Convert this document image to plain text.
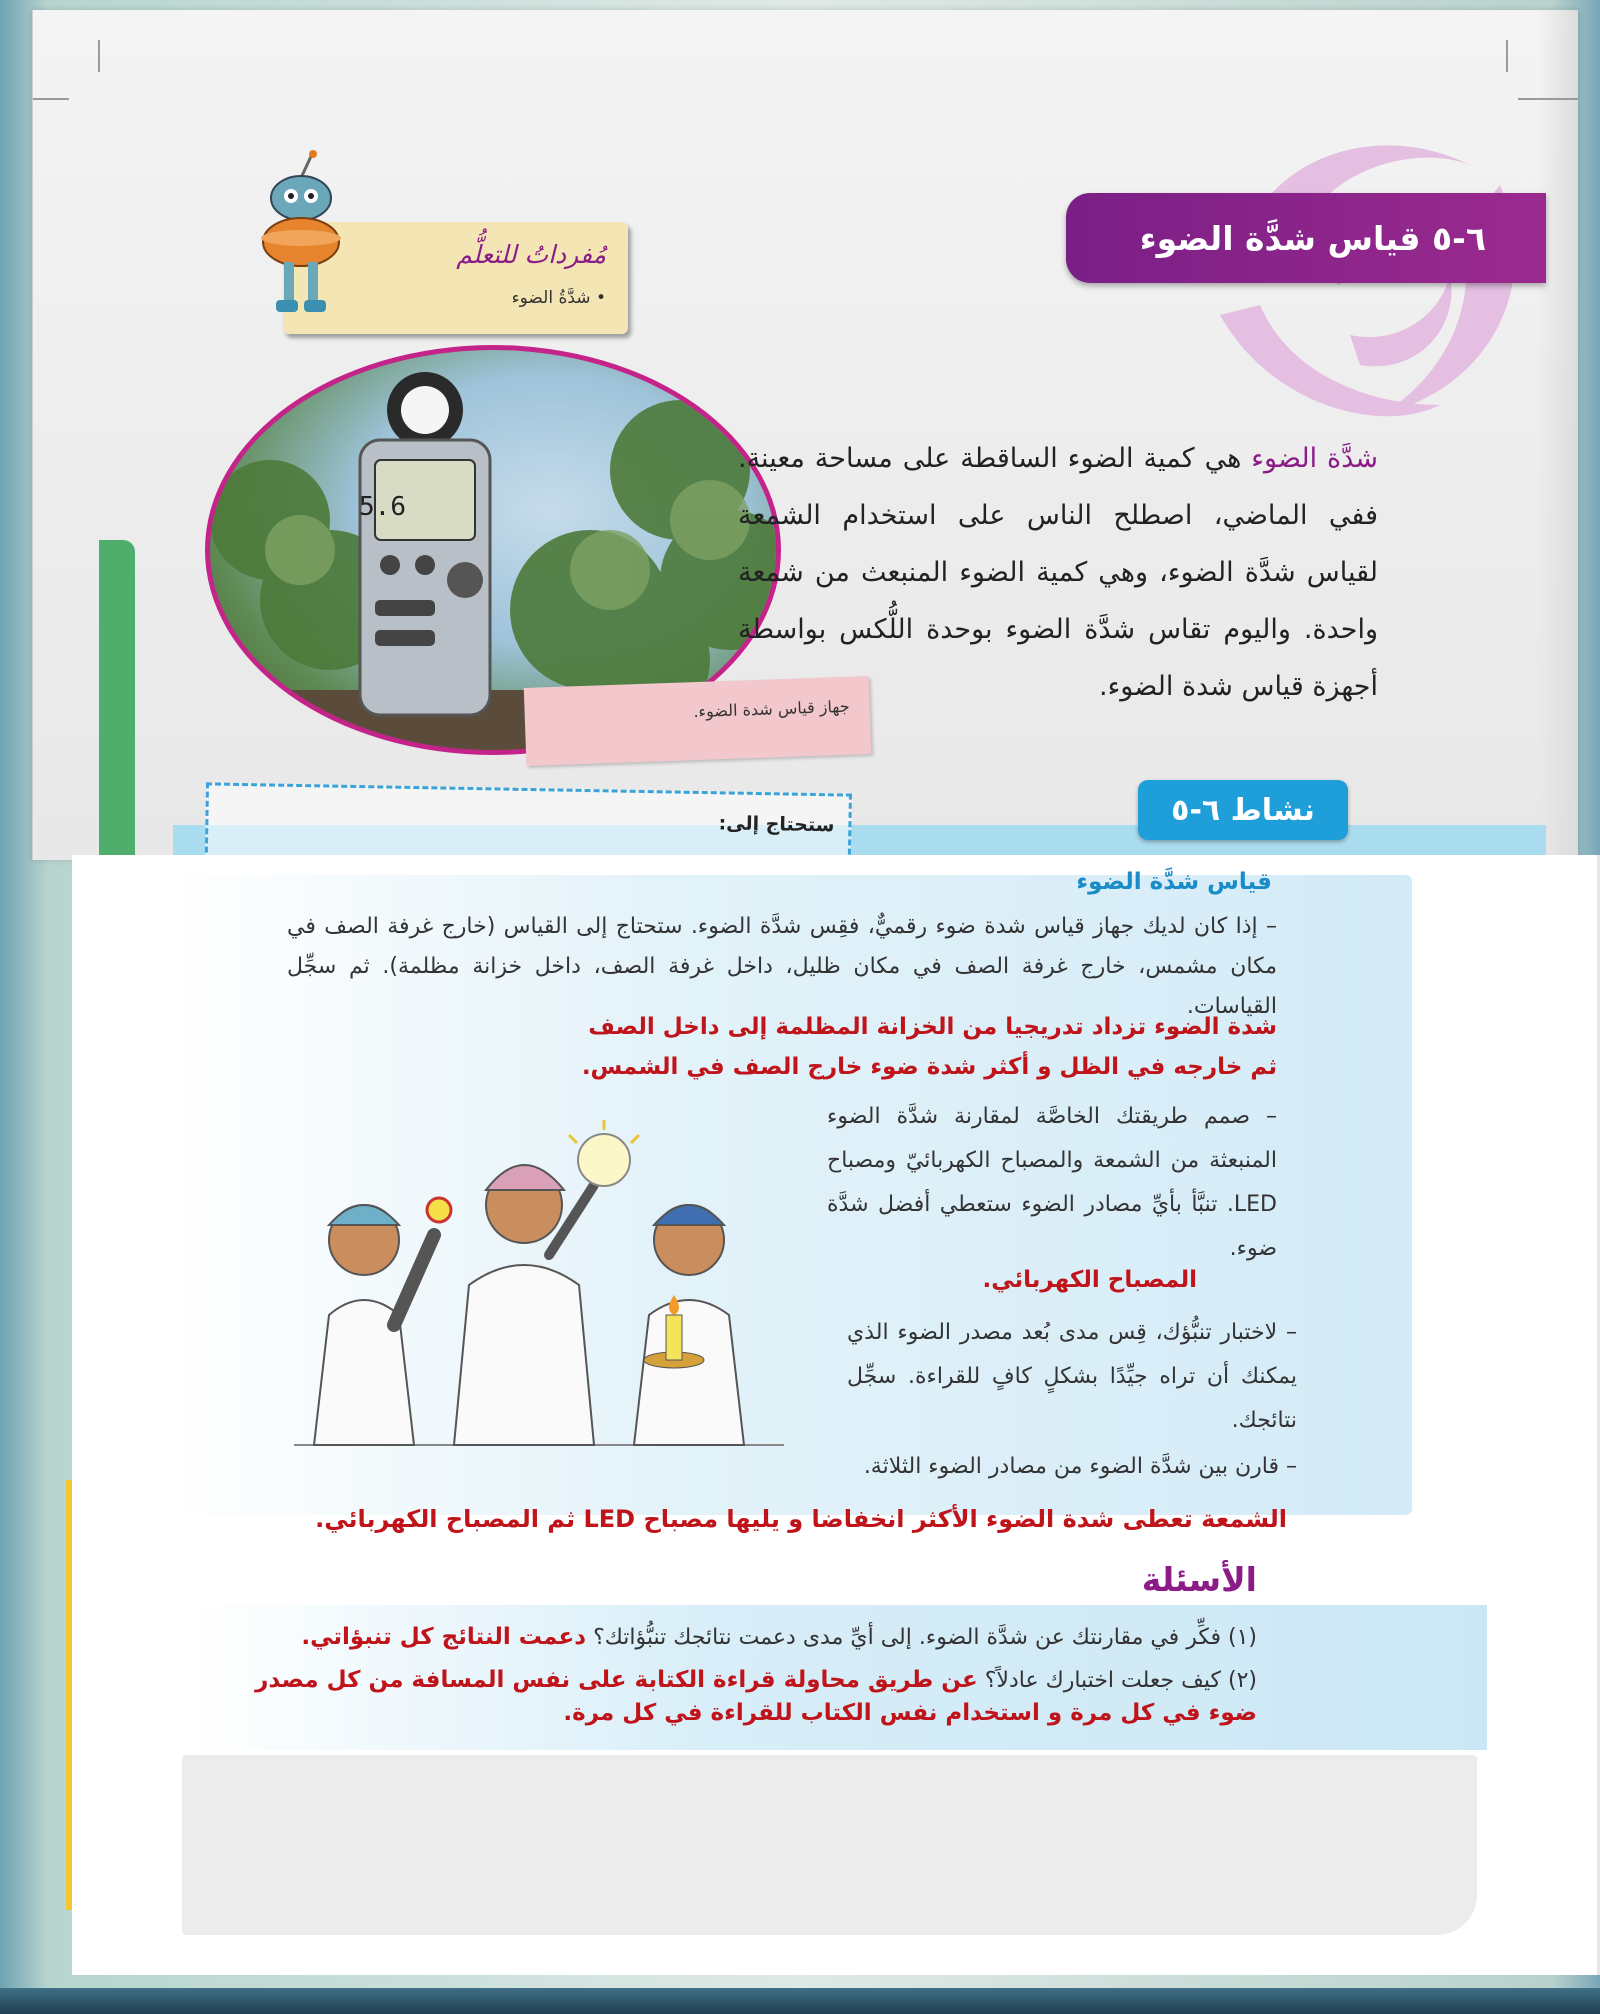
٦-٥ قياس شدَّة الضوء
مُفرداتُ للتعلُّم
• شدَّةُ الضوء
5.6
جهاز قياس شدة الضوء.
شدَّة الضوء هي كمية الضوء الساقطة على مساحة معينة. ففي الماضي، اصطلح الناس على استخدام الشمعة لقياس شدَّة الضوء، وهي كمية الضوء المنبعث من شمعة واحدة. واليوم تقاس شدَّة الضوء بوحدة اللُّكس بواسطة أجهزة قياس شدة الضوء.
نشاط ٦-٥
ستحتاج إلى:
قياس شدَّة الضوء
– إذا كان لديك جهاز قياس شدة ضوء رقميٌّ، فقِس شدَّة الضوء. ستحتاج إلى القياس (خارج غرفة الصف في مكان مشمس، خارج غرفة الصف في مكان ظليل، داخل غرفة الصف، داخل خزانة مظلمة). ثم سجِّل القياسات.
شدة الضوء تزداد تدريجيا من الخزانة المظلمة إلى داخل الصف
ثم خارجه في الظل و أكثر شدة ضوء خارج الصف في الشمس.
– صمم طريقتك الخاصَّة لمقارنة شدَّة الضوء المنبعثة من الشمعة والمصباح الكهربائيّ ومصباح LED. تنبَّأ بأيِّ مصادر الضوء ستعطي أفضل شدَّة ضوء.
المصباح الكهربائي.
– لاختبار تنبُّؤك، قِس مدى بُعد مصدر الضوء الذي يمكنك أن تراه جيِّدًا بشكلٍ كافٍ للقراءة. سجِّل نتائجك.
– قارن بين شدَّة الضوء من مصادر الضوء الثلاثة.
الشمعة تعطى شدة الضوء الأكثر انخفاضا و يليها مصباح LED ثم المصباح الكهربائي.
الأسئلة
(١) فكِّر في مقارنتك عن شدَّة الضوء. إلى أيِّ مدى دعمت نتائجك تنبُّؤاتك؟ دعمت النتائج كل تنبؤاتي.
(٢) كيف جعلت اختبارك عادلاً؟ عن طريق محاولة قراءة الكتابة على نفس المسافة من كل مصدر
ضوء في كل مرة و استخدام نفس الكتاب للقراءة في كل مرة.
